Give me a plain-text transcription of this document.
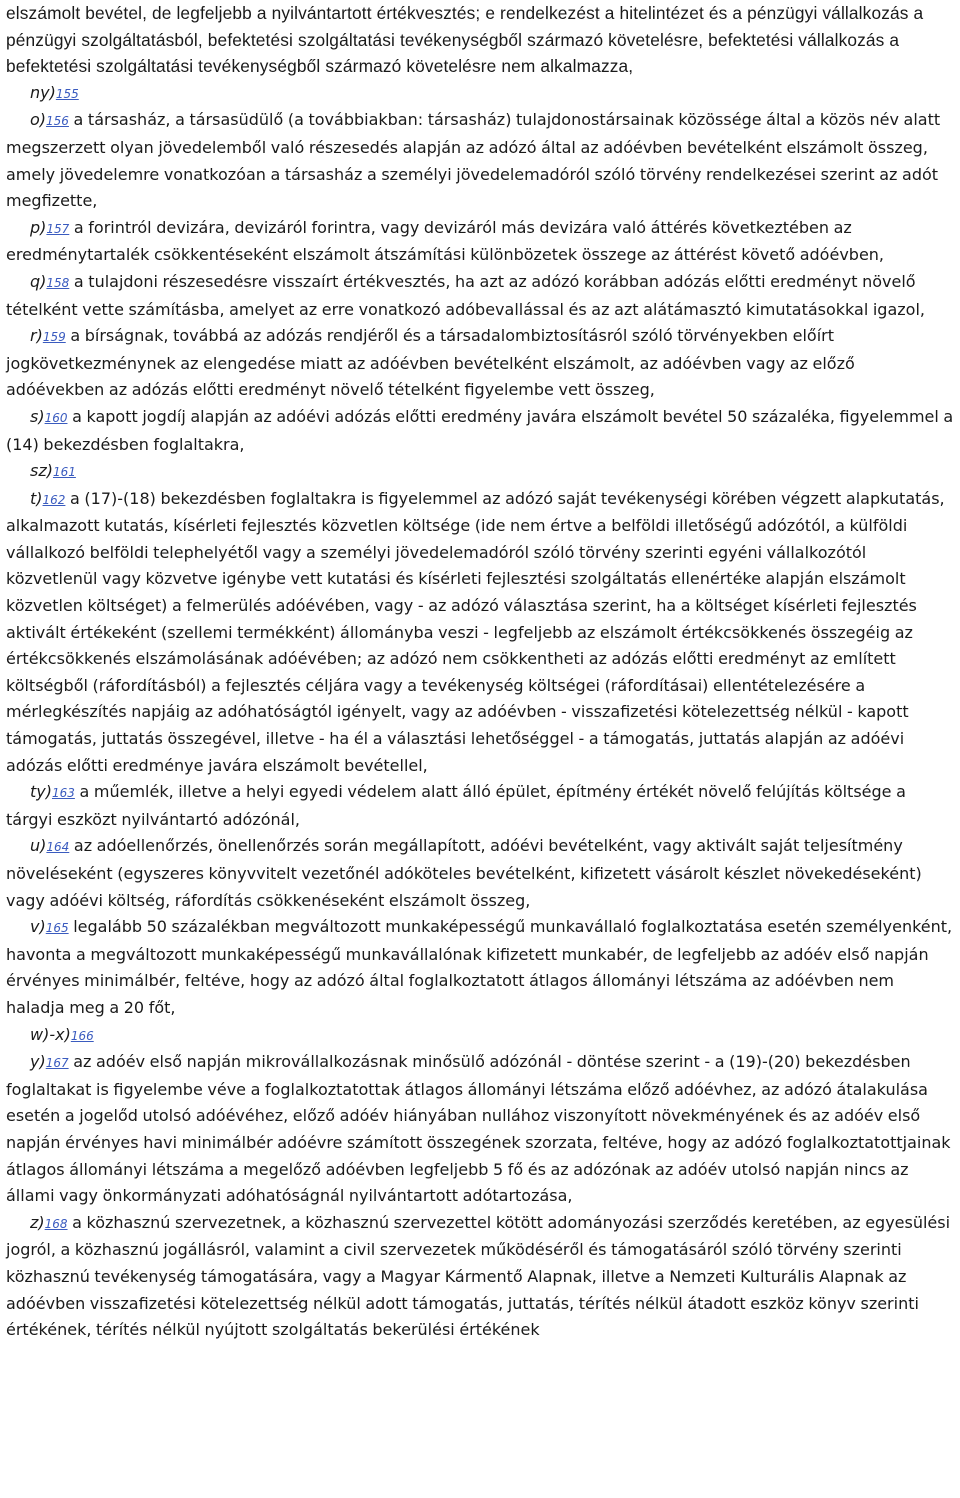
elszámolt bevétel, de legfeljebb a nyilvántartott értékvesztés; e rendelkezést a hitelintézet és a pénzügyi vállalkozás a pénzügyi szolgáltatásból, befektetési szolgáltatási tevékenységből származó követelésre, befektetési vállalkozás a befektetési szolgáltatási tevékenységből származó követelésre nem alkalmazza,

ny)155

o)156 a társasház, a társasüdülő (a továbbiakban: társasház) tulajdonostársainak közössége által a közös név alatt megszerzett olyan jövedelemből való részesedés alapján az adózó által az adóévben bevételként elszámolt összeg, amely jövedelemre vonatkozóan a társasház a személyi jövedelemadóról szóló törvény rendelkezései szerint az adót megfizette,

p)157 a forintról devizára, devizáról forintra, vagy devizáról más devizára való áttérés következtében az eredménytartalék csökkentéseként elszámolt átszámítási különbözetek összege az áttérést követő adóévben,

q)158 a tulajdoni részesedésre visszaírt értékvesztés, ha azt az adózó korábban adózás előtti eredményt növelő tételként vette számításba, amelyet az erre vonatkozó adóbevallással és az azt alátámasztó kimutatásokkal igazol,

r)159 a bírságnak, továbbá az adózás rendjéről és a társadalombiztosításról szóló törvényekben előírt jogkövetkezménynek az elengedése miatt az adóévben bevételként elszámolt, az adóévben vagy az előző adóévekben az adózás előtti eredményt növelő tételként figyelembe vett összeg,

s)160 a kapott jogdíj alapján az adóévi adózás előtti eredmény javára elszámolt bevétel 50 százaléka, figyelemmel a (14) bekezdésben foglaltakra,

sz)161

t)162 a (17)-(18) bekezdésben foglaltakra is figyelemmel az adózó saját tevékenységi körében végzett alapkutatás, alkalmazott kutatás, kísérleti fejlesztés közvetlen költsége (ide nem értve a belföldi illetőségű adózótól, a külföldi vállalkozó belföldi telephelyétől vagy a személyi jövedelemadóról szóló törvény szerinti egyéni vállalkozótól közvetlenül vagy közvetve igénybe vett kutatási és kísérleti fejlesztési szolgáltatás ellenértéke alapján elszámolt közvetlen költséget) a felmerülés adóévében, vagy - az adózó választása szerint, ha a költséget kísérleti fejlesztés aktivált értékeként (szellemi termékként) állományba veszi - legfeljebb az elszámolt értékcsökkenés összegéig az értékcsökkenés elszámolásának adóévében; az adózó nem csökkentheti az adózás előtti eredményt az említett költségből (ráfordításból) a fejlesztés céljára vagy a tevékenység költségei (ráfordításai) ellentételezésére a mérlegkészítés napjáig az adóhatóságtól igényelt, vagy az adóévben - visszafizetési kötelezettség nélkül - kapott támogatás, juttatás összegével, illetve - ha él a választási lehetőséggel - a támogatás, juttatás alapján az adóévi adózás előtti eredménye javára elszámolt bevétellel,

ty)163 a műemlék, illetve a helyi egyedi védelem alatt álló épület, építmény értékét növelő felújítás költsége a tárgyi eszközt nyilvántartó adózónál,

u)164 az adóellenőrzés, önellenőrzés során megállapított, adóévi bevételként, vagy aktivált saját teljesítmény növeléseként (egyszeres könyvvitelt vezetőnél adóköteles bevételként, kifizetett vásárolt készlet növekedéseként) vagy adóévi költség, ráfordítás csökkenéseként elszámolt összeg,

v)165 legalább 50 százalékban megváltozott munkaképességű munkavállaló foglalkoztatása esetén személyenként, havonta a megváltozott munkaképességű munkavállalónak kifizetett munkabér, de legfeljebb az adóév első napján érvényes minimálbér, feltéve, hogy az adózó által foglalkoztatott átlagos állományi létszáma az adóévben nem haladja meg a 20 főt,

w)-x)166

y)167 az adóév első napján mikrovállalkozásnak minősülő adózónál - döntése szerint - a (19)-(20) bekezdésben foglaltakat is figyelembe véve a foglalkoztatottak átlagos állományi létszáma előző adóévhez, az adózó átalakulása esetén a jogelőd utolsó adóévéhez, előző adóév hiányában nullához viszonyított növekményének és az adóév első napján érvényes havi minimálbér adóévre számított összegének szorzata, feltéve, hogy az adózó foglalkoztatottjainak átlagos állományi létszáma a megelőző adóévben legfeljebb 5 fő és az adózónak az adóév utolsó napján nincs az állami vagy önkormányzati adóhatóságnál nyilvántartott adótartozása,

z)168 a közhasznú szervezetnek, a közhasznú szervezettel kötött adományozási szerződés keretében, az egyesülési jogról, a közhasznú jogállásról, valamint a civil szervezetek működéséről és támogatásáról szóló törvény szerinti közhasznú tevékenység támogatására, vagy a Magyar Kármentő Alapnak, illetve a Nemzeti Kulturális Alapnak az adóévben visszafizetési kötelezettség nélkül adott támogatás, juttatás, térítés nélkül átadott eszköz könyv szerinti értékének, térítés nélkül nyújtott szolgáltatás bekerülési értékének
